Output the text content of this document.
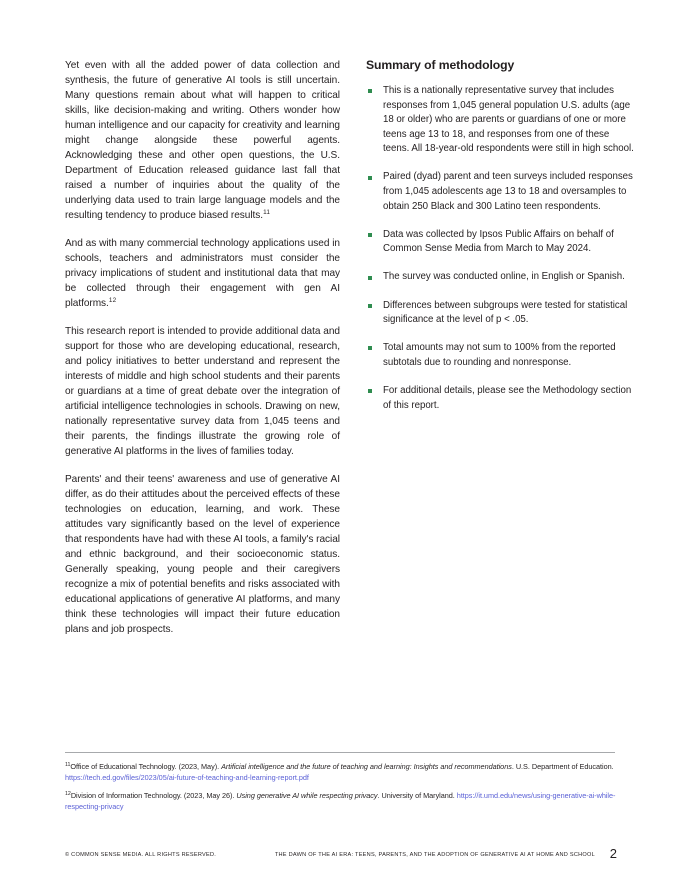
Yet even with all the added power of data collection and synthesis, the future of generative AI tools is still uncertain. Many questions remain about what will happen to critical skills, like decision-making and writing. Others wonder how human intelligence and our capacity for creativity and learning might change alongside these powerful agents. Acknowledging these and other open questions, the U.S. Department of Education released guidance last fall that raised a number of inquiries about the quality of the underlying data used to train large language models and the resulting tendency to produce biased results.$^{11}$

And as with many commercial technology applications used in schools, teachers and administrators must consider the privacy implications of student and institutional data that may be collected through their engagement with gen AI platforms.$^{12}$

This research report is intended to provide additional data and support for those who are developing educational, research, and policy initiatives to better understand and represent the interests of middle and high school students and their parents or guardians at a time of great debate over the integration of artificial intelligence technologies in schools. Drawing on new, nationally representative survey data from 1,045 teens and their parents, the findings illustrate the growing role of generative AI platforms in the lives of families today.

Parents' and their teens' awareness and use of generative AI differ, as do their attitudes about the perceived effects of these technologies on education, learning, and work. These attitudes vary significantly based on the level of experience that respondents have had with these AI tools, a family's racial and ethnic background, and their socioeconomic status. Generally speaking, young people and their caregivers recognize a mix of potential benefits and risks associated with educational applications of generative AI platforms, and many think these technologies will impact their future education plans and job prospects.

Summary of methodology
This is a nationally representative survey that includes responses from 1,045 general population U.S. adults (age 18 or older) who are parents or guardians of one or more teens age 13 to 18, and responses from one of these teens. All 18-year-old respondents were still in high school.
Paired (dyad) parent and teen surveys included responses from 1,045 adolescents age 13 to 18 and oversamples to obtain 250 Black and 300 Latino teen respondents.
Data was collected by Ipsos Public Affairs on behalf of Common Sense Media from March to May 2024.
The survey was conducted online, in English or Spanish.
Differences between subgroups were tested for statistical significance at the level of p < .05.
Total amounts may not sum to 100% from the reported subtotals due to rounding and nonresponse.
For additional details, please see the Methodology section of this report.

$^{11}$Office of Educational Technology. (2023, May). Artificial intelligence and the future of teaching and learning: Insights and recommendations. U.S. Department of Education. https://tech.ed.gov/files/2023/05/ai-future-of-teaching-and-learning-report.pdf

$^{12}$Division of Information Technology. (2023, May 26). Using generative AI while respecting privacy. University of Maryland. https://it.umd.edu/news/using-generative-ai-while-respecting-privacy

© COMMON SENSE MEDIA. ALL RIGHTS RESERVED.	THE DAWN OF THE AI ERA: TEENS, PARENTS, AND THE ADOPTION OF GENERATIVE AI AT HOME AND SCHOOL 2
